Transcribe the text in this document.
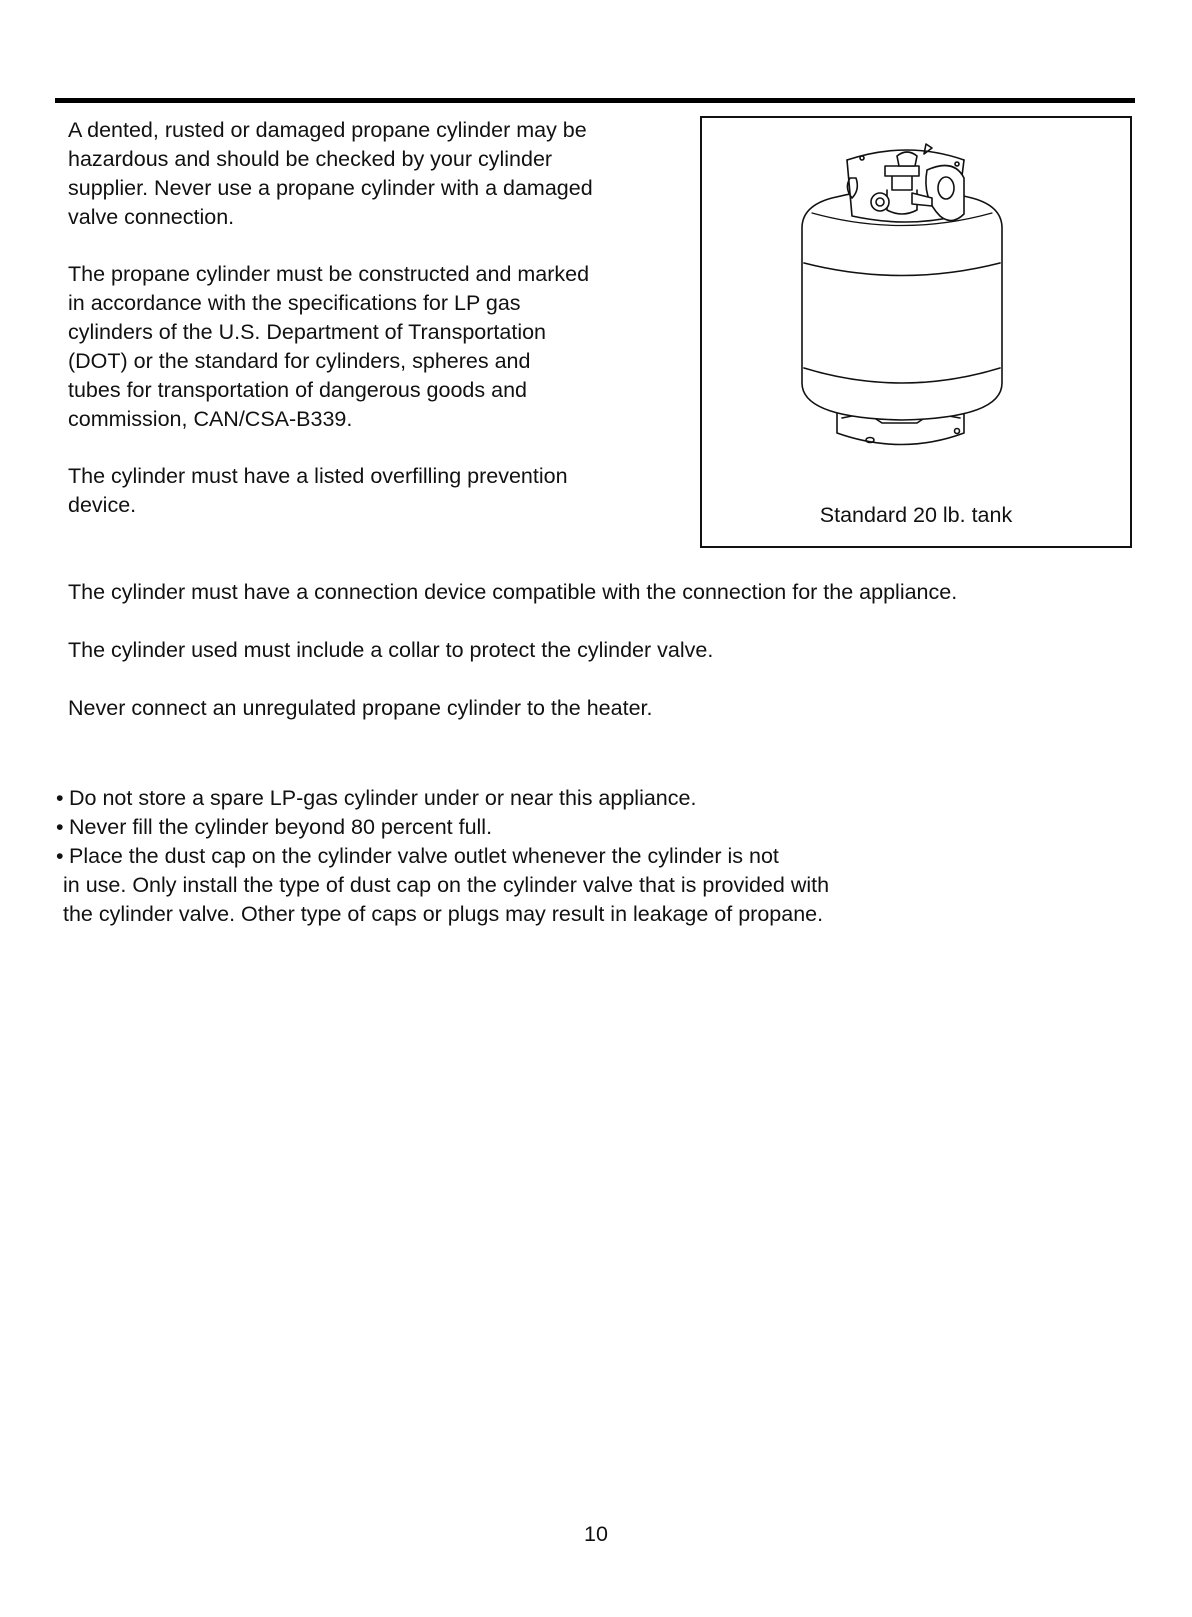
A dented, rusted or damaged propane cylinder may be
hazardous and should be checked by your cylinder
supplier. Never use a propane cylinder with a damaged
valve connection.
The propane cylinder must be constructed and marked
in accordance with the specifications for LP gas
cylinders of the U.S. Department of Transportation
(DOT) or the standard for cylinders, spheres and
tubes for transportation of dangerous goods and
commission, CAN/CSA-B339.
The cylinder must have a listed overfilling prevention
device.	Standard 20 lb. tank
The cylinder must have a connection device compatible with the connection for the appliance.
The cylinder used must include a collar to protect the cylinder valve.
Never connect an unregulated propane cylinder to the heater.
• Do not store a spare LP-gas cylinder under or near this appliance.
• Never fill the cylinder beyond 80 percent full.
• Place the dust cap on the cylinder valve outlet whenever the cylinder is not
in use. Only install the type of dust cap on the cylinder valve that is provided with
the cylinder valve. Other type of caps or plugs may result in leakage of propane.
10
